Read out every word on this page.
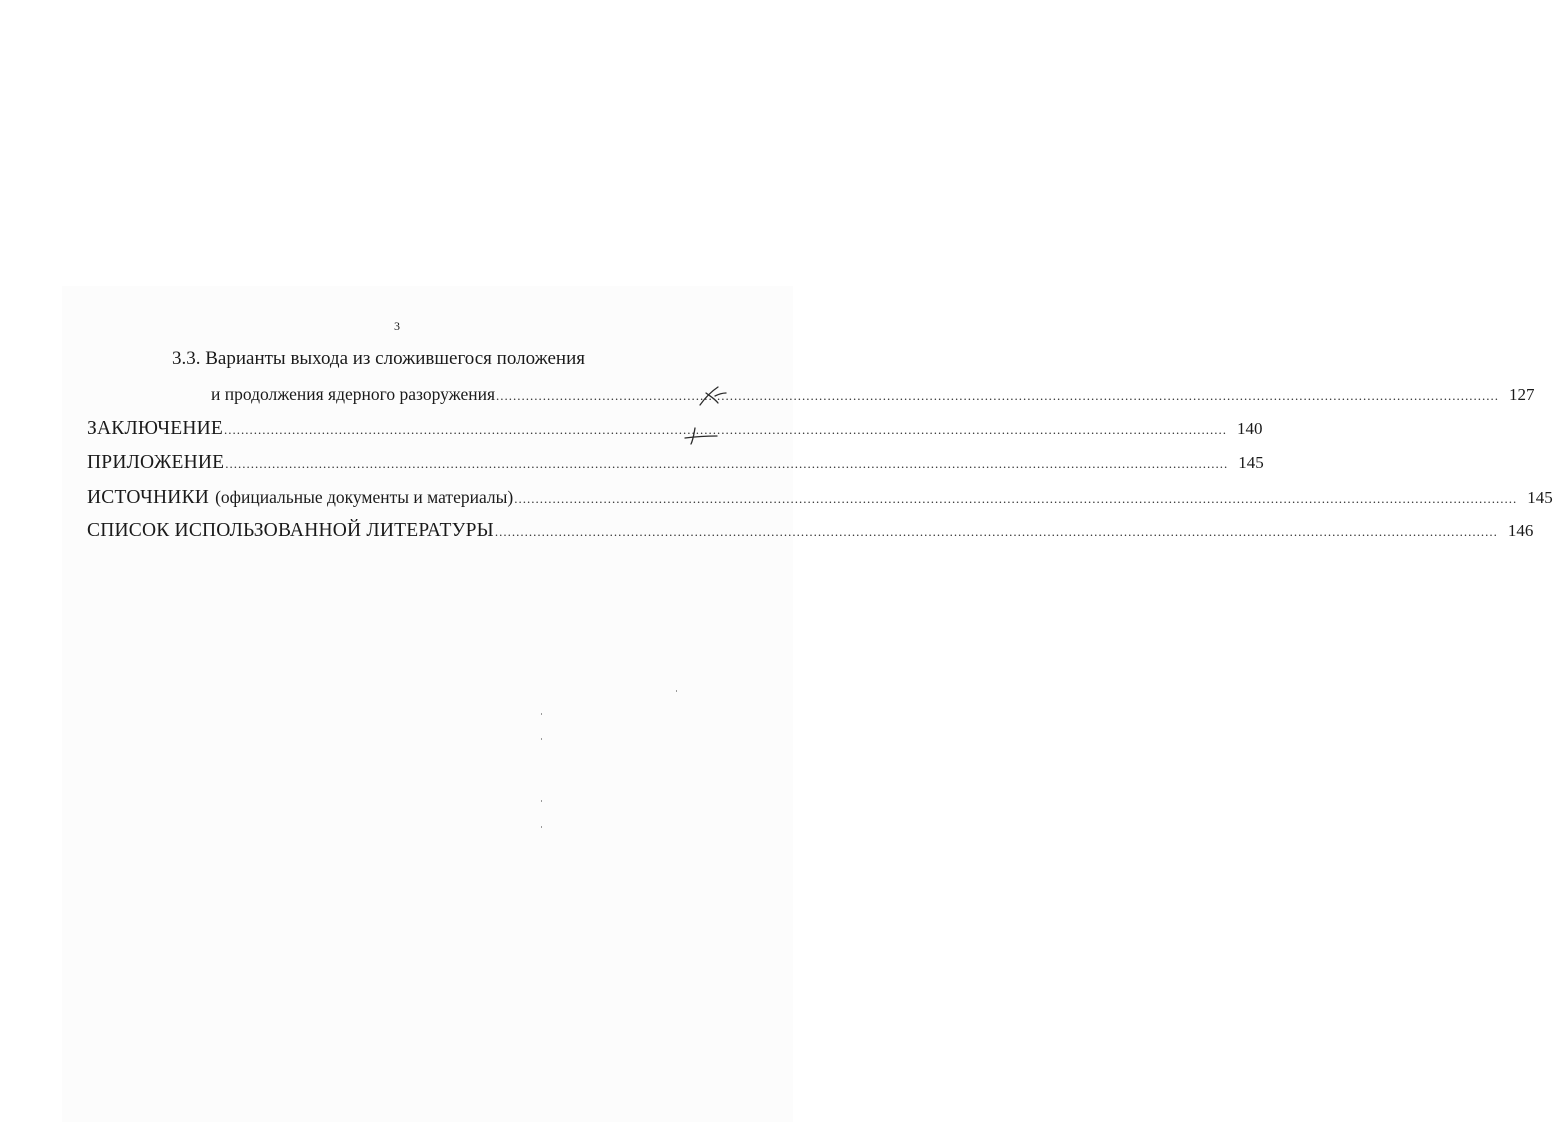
3
3.3. Варианты выхода из сложившегося положения
и продолжения ядерного разоружения ............................................................................................................................................................................................................................................ 127
ЗАКЛЮЧЕНИЕ ............................................................................................................................................................................................................................................ 140
ПРИЛОЖЕНИЕ ............................................................................................................................................................................................................................................ 145
ИСТОЧНИКИ (официальные документы и материалы) ............................................................................................................................................................................................................................................ 145
СПИСОК ИСПОЛЬЗОВАННОЙ ЛИТЕРАТУРЫ ............................................................................................................................................................................................................................................ 146
